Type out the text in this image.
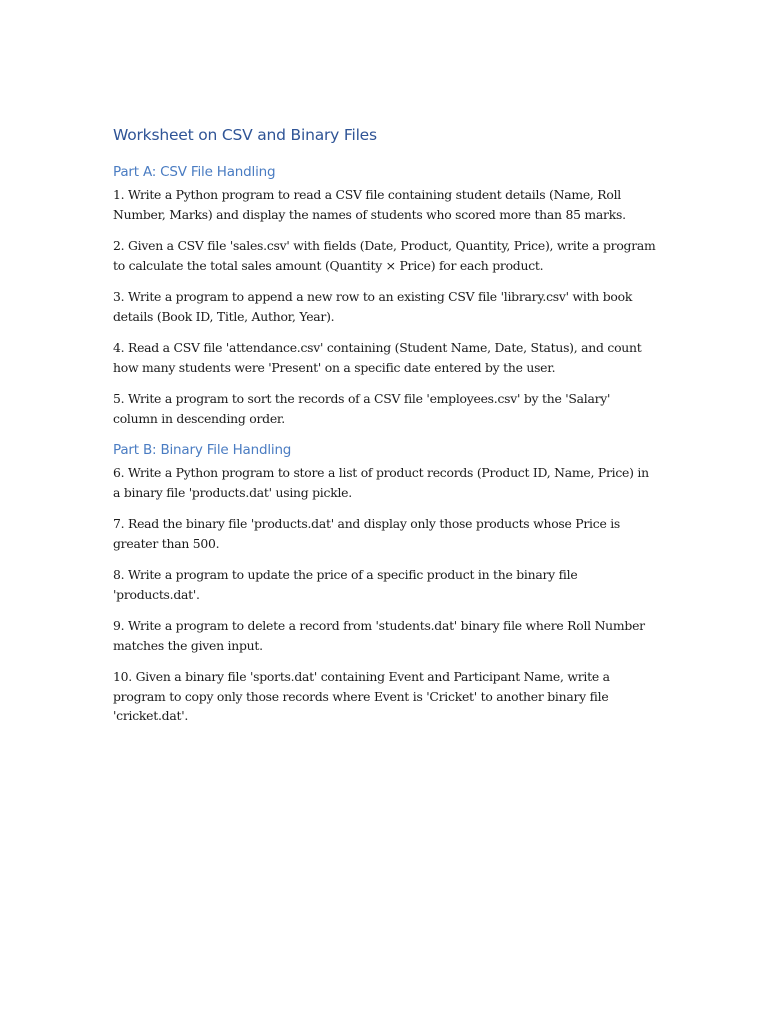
Worksheet on CSV and Binary Files
Part A: CSV File Handling

1. Write a Python program to read a CSV file containing student details (Name, Roll Number, Marks) and display the names of students who scored more than 85 marks.

2. Given a CSV file 'sales.csv' with fields (Date, Product, Quantity, Price), write a program to calculate the total sales amount (Quantity × Price) for each product.

3. Write a program to append a new row to an existing CSV file 'library.csv' with book details (Book ID, Title, Author, Year).

4. Read a CSV file 'attendance.csv' containing (Student Name, Date, Status), and count how many students were 'Present' on a specific date entered by the user.

5. Write a program to sort the records of a CSV file 'employees.csv' by the 'Salary' column in descending order.

Part B: Binary File Handling

6. Write a Python program to store a list of product records (Product ID, Name, Price) in a binary file 'products.dat' using pickle.

7. Read the binary file 'products.dat' and display only those products whose Price is greater than 500.

8. Write a program to update the price of a specific product in the binary file 'products.dat'.

9. Write a program to delete a record from 'students.dat' binary file where Roll Number matches the given input.

10. Given a binary file 'sports.dat' containing Event and Participant Name, write a program to copy only those records where Event is 'Cricket' to another binary file 'cricket.dat'.
